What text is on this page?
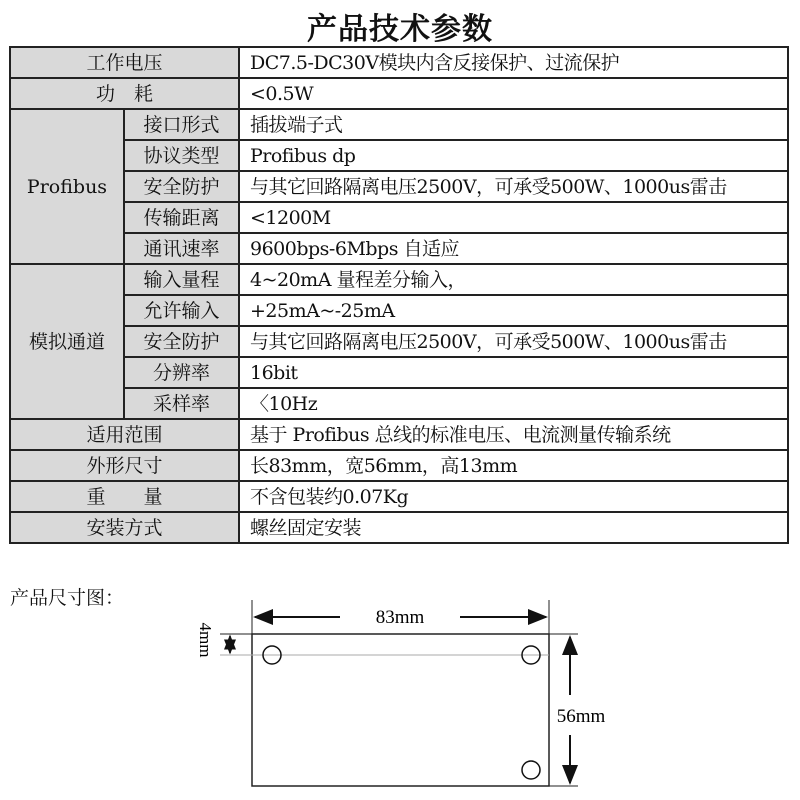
产品技术参数
工作电压		DC7.5-DC30V模块内含反接保护、过流保护
功　耗		<0.5W
Profibus	接口形式	插拔端子式
	协议类型	Profibus dp
	安全防护	与其它回路隔离电压2500V，可承受500W、1000us雷击
	传输距离	<1200M
	通讯速率	9600bps-6Mbps 自适应
模拟通道	输入量程	4~20mA 量程差分输入，
	允许输入	+25mA~-25mA
	安全防护	与其它回路隔离电压2500V，可承受500W、1000us雷击
	分辨率	16bit
	采样率	〈10Hz
适用范围		基于 Profibus 总线的标准电压、电流测量传输系统
外形尺寸		长83mm，宽56mm，高13mm
重　　量		不含包装约0.07Kg
安装方式		螺丝固定安装
产品尺寸图：
83mm
56mm
4mm
